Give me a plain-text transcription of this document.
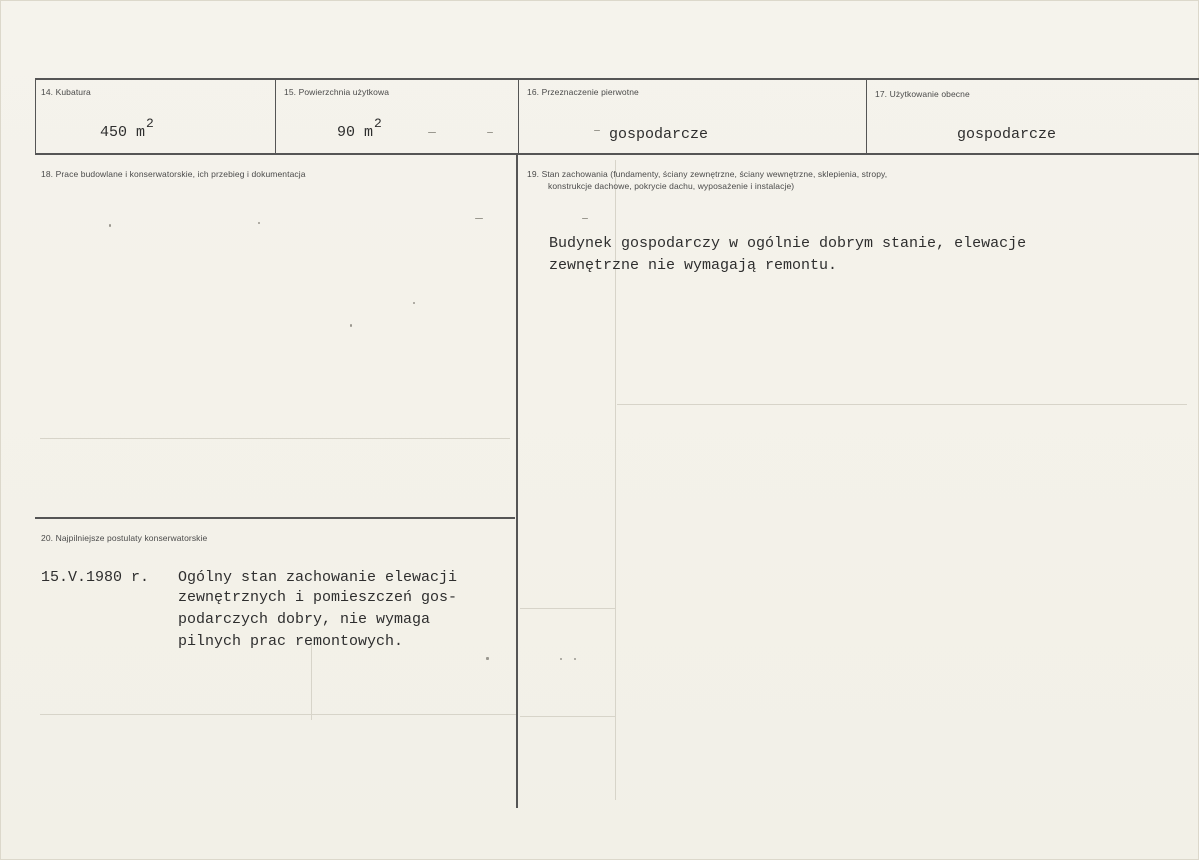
14. Kubatura
450 m2
15. Powierzchnia użytkowa
90 m2
16. Przeznaczenie pierwotne
gospodarcze
17. Użytkowanie obecne
gospodarcze
18. Prace budowlane i konserwatorskie, ich przebieg i dokumentacja	19. Stan zachowania (fundamenty, ściany zewnętrzne, ściany wewnętrzne, sklepienia, stropy,
konstrukcje dachowe, pokrycie dachu, wyposażenie i instalacje)
Budynek gospodarczy w ogólnie dobrym stanie, elewacje
zewnętrzne nie wymagają remontu.
20. Najpilniejsze postulaty konserwatorskie
15.V.1980 r. Ogólny stan zachowanie elewacji
zewnętrznych i pomieszczeń gos-
podarczych dobry, nie wymaga
pilnych prac remontowych.
